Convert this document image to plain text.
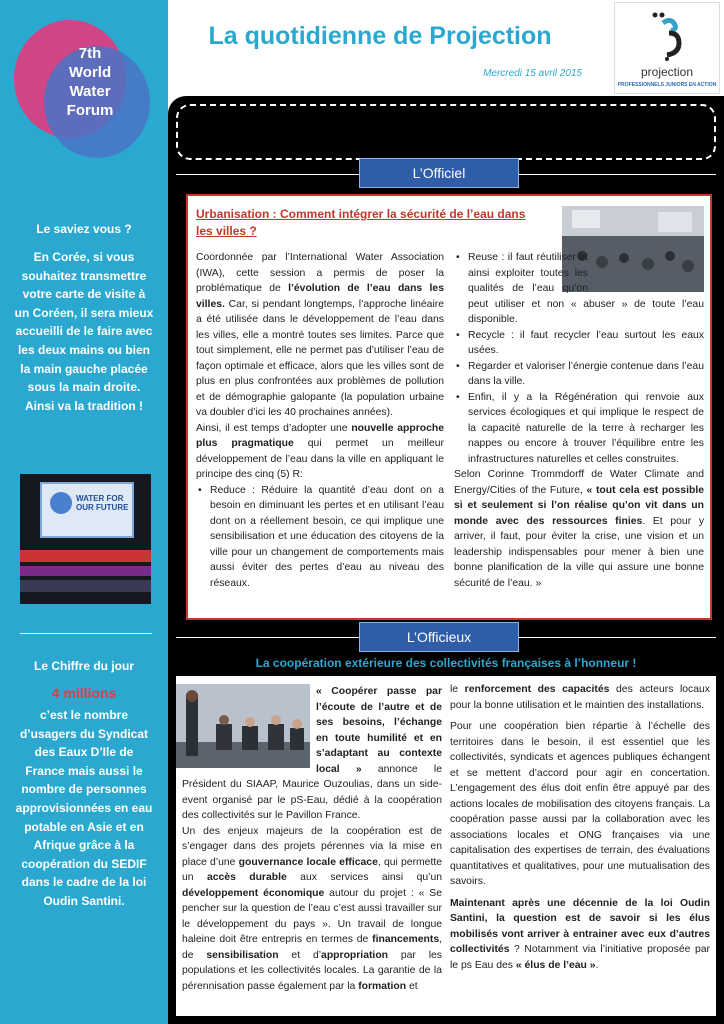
7th
World
Water
Forum
Le saviez vous ?
En Corée, si vous souhaitez transmettre votre carte de visite à un Coréen, il sera mieux accueilli de le faire avec les deux mains ou bien la main gauche placée sous la main droite. Ainsi va la tradition !
WATER FOR OUR FUTURE
Le Chiffre du jour
4 millions
c’est le nombre d’usagers du Syndicat des Eaux D’Ile de France mais aussi le nombre de personnes approvisionnées en eau potable en Asie et en Afrique grâce à la coopération du SEDIF dans le cadre de la loi Oudin Santini.
La quotidienne de Projection
Mercredi 15 avril 2015	projection
PROFESSIONNELS JUNIORS EN ACTION
L’Officiel
Urbanisation : Comment intégrer la sécurité de l’eau dans les villes ?

Coordonnée par l’International Water Association (IWA), cette session a permis de poser la problématique de l’évolution de l’eau dans les villes. Car, si pendant longtemps, l’approche linéaire a été utilisée dans le développement de l’eau dans les villes, elle a montré toutes ses limites. Parce que tout simplement, elle ne permet pas d’utiliser l’eau de façon optimale et efficace, alors que les villes sont de plus en plus confrontées aux problèmes de pollution et de démographie galopante (la population urbaine va doubler d’ici les 40 prochaines années).

Ainsi, il est temps d’adopter une nouvelle approche plus pragmatique qui permet un meilleur développement de l’eau dans la ville en appliquant le principe des cinq (5) R:

• Reduce : Réduire la quantité d’eau dont on a besoin en diminuant les pertes et en utilisant l’eau dont on a réellement besoin, ce qui implique une sensibilisation et une éducation des citoyens de la ville pour un changement de comportements mais aussi éviter des pertes d’eau au niveau des réseaux.
• Reuse : il faut réutiliser et ainsi exploiter toutes les qualités de l’eau qu’on peut utiliser et non « abuser » de toute l’eau disponible.
• Recycle : il faut recycler l’eau surtout les eaux usées.
• Regarder et valoriser l’énergie contenue dans l’eau dans la ville.
• Enfin, il y a la Régénération qui renvoie aux services écologiques et qui implique le respect de la capacité naturelle de la terre à recharger les nappes ou encore à trouver l’équilibre entre les infrastructures naturelles et celles construites.

Selon Corinne Trommdorff de Water Climate and Energy/Cities of the Future, « tout cela est possible si et seulement si l’on réalise qu’on vit dans un monde avec des ressources finies. Et pour y arriver, il faut, pour éviter la crise, une vision et un leadership indispensables pour mener à bien une bonne planification de la ville qui assure une bonne sécurité de l’eau. »

L’Officieux
La coopération extérieure des collectivités françaises à l’honneur !

« Coopérer passe par l’écoute de l’autre et de ses besoins, l’échange en toute humilité et en s’adaptant au contexte local » annonce le Président du SIAAP, Maurice Ouzoulias, dans un side-event organisé par le pS-Eau, dédié à la coopération des collectivités sur le Pavillon France.

Un des enjeux majeurs de la coopération est de s’engager dans des projets pérennes via la mise en place d’une gouvernance locale efficace, qui permette un accès durable aux services ainsi qu’un développement économique autour du projet : « Se pencher sur la question de l’eau c’est aussi travailler sur le développement du pays ». Un travail de longue haleine doit être entrepris en termes de financements, de sensibilisation et d’appropriation par les populations et les collectivités locales. La garantie de la pérennisation passe également par la formation et

le renforcement des capacités des acteurs locaux pour la bonne utilisation et le maintien des installations.

Pour une coopération bien répartie à l’échelle des territoires dans le besoin, il est essentiel que les collectivités, syndicats et agences publiques échangent et se mettent d’accord pour agir en concertation. L’engagement des élus doit enfin être appuyé par des actions locales de mobilisation des citoyens français. La coopération passe aussi par la collaboration avec les associations locales et ONG françaises via une capitalisation des expertises de terrain, des évaluations quantitatives et qualitatives, pour une mutualisation des savoirs.

Maintenant après une décennie de la loi Oudin Santini, la question est de savoir si les élus mobilisés vont arriver à entrainer avec eux d’autres collectivités ? Notamment via l’initiative proposée par le ps Eau des « élus de l’eau ».
